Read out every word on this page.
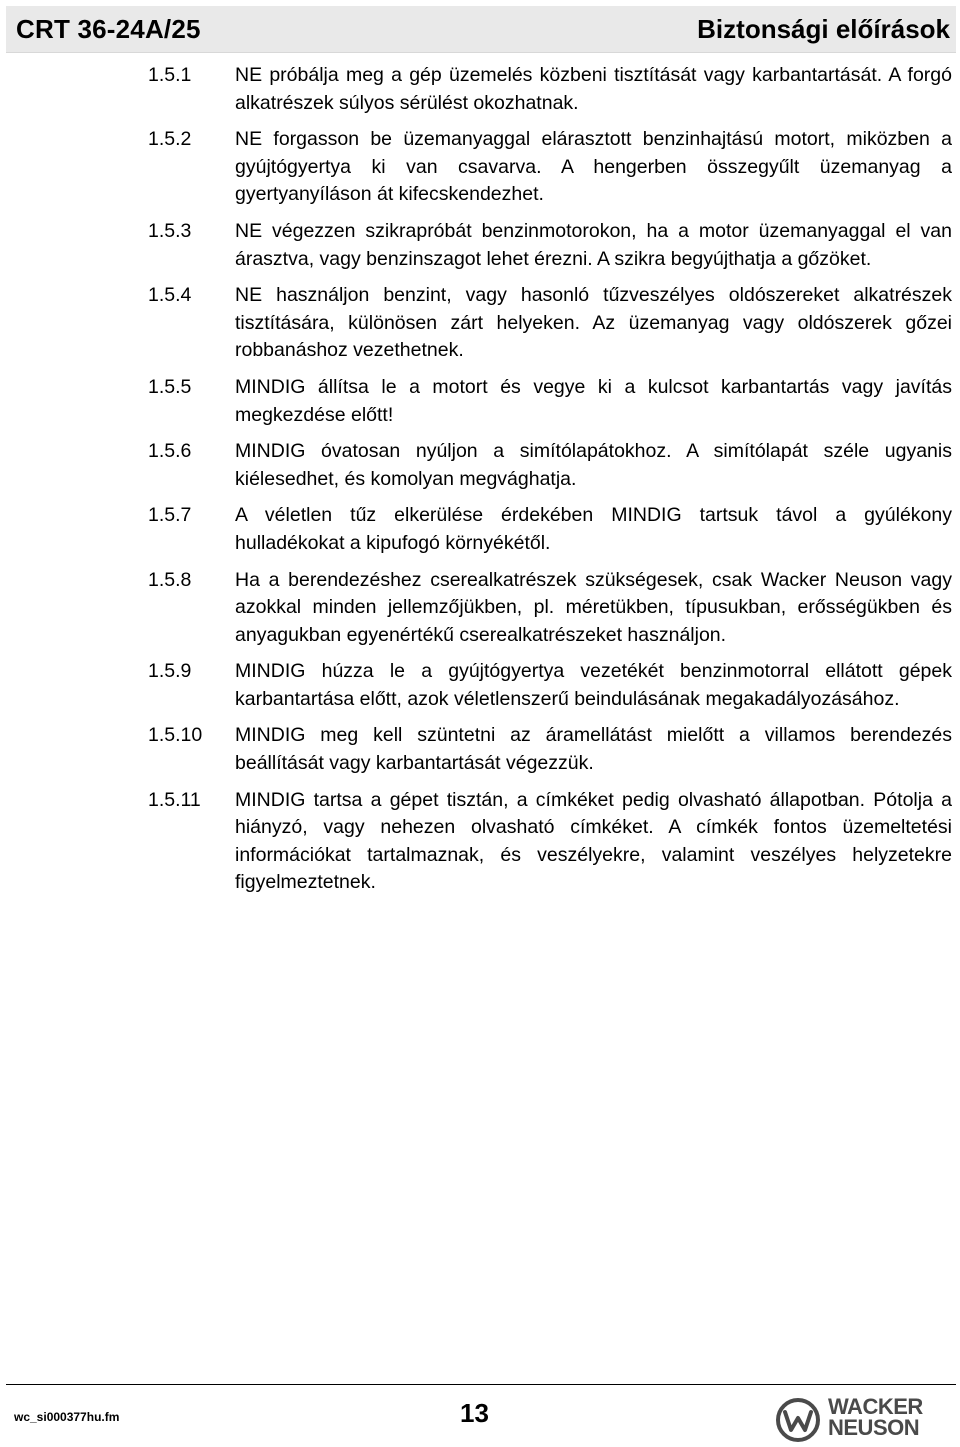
CRT 36-24A/25	Biztonsági előírások
1.5.1 NE próbálja meg a gép üzemelés közbeni tisztítását vagy karbantartását. A forgó alkatrészek súlyos sérülést okozhatnak.
1.5.2 NE forgasson be üzemanyaggal elárasztott benzinhajtású motort, miközben a gyújtógyertya ki van csavarva. A hengerben összegyűlt üzemanyag a gyertyanyíláson át kifecskendezhet.
1.5.3 NE végezzen szikrapróbát benzinmotorokon, ha a motor üzemanyaggal el van árasztva, vagy benzinszagot lehet érezni. A szikra begyújthatja a gőzöket.
1.5.4 NE használjon benzint, vagy hasonló tűzveszélyes oldószereket alkatrészek tisztítására, különösen zárt helyeken. Az üzemanyag vagy oldószerek gőzei robbanáshoz vezethetnek.
1.5.5 MINDIG állítsa le a motort és vegye ki a kulcsot karbantartás vagy javítás megkezdése előtt!
1.5.6 MINDIG óvatosan nyúljon a simítólapátokhoz. A simítólapát széle ugyanis kiélesedhet, és komolyan megvághatja.
1.5.7 A véletlen tűz elkerülése érdekében MINDIG tartsuk távol a gyúlékony hulladékokat a kipufogó környékétől.
1.5.8 Ha a berendezéshez cserealkatrészek szükségesek, csak Wacker Neuson vagy azokkal minden jellemzőjükben, pl. méretükben, típusukban, erősségükben és anyagukban egyenértékű cserealkatrészeket használjon.
1.5.9 MINDIG húzza le a gyújtógyertya vezetékét benzinmotorral ellátott gépek karbantartása előtt, azok véletlenszerű beindulásának megakadályozásához.
1.5.10 MINDIG meg kell szüntetni az áramellátást mielőtt a villamos berendezés beállítását vagy karbantartását végezzük.
1.5.11 MINDIG tartsa a gépet tisztán, a címkéket pedig olvasható állapotban. Pótolja a hiányzó, vagy nehezen olvasható címkéket. A címkék fontos üzemeltetési információkat tartalmaznak, és veszélyekre, valamint veszélyes helyzetekre figyelmeztetnek.
wc_si000377hu.fm	13	WACKER
NEUSON
